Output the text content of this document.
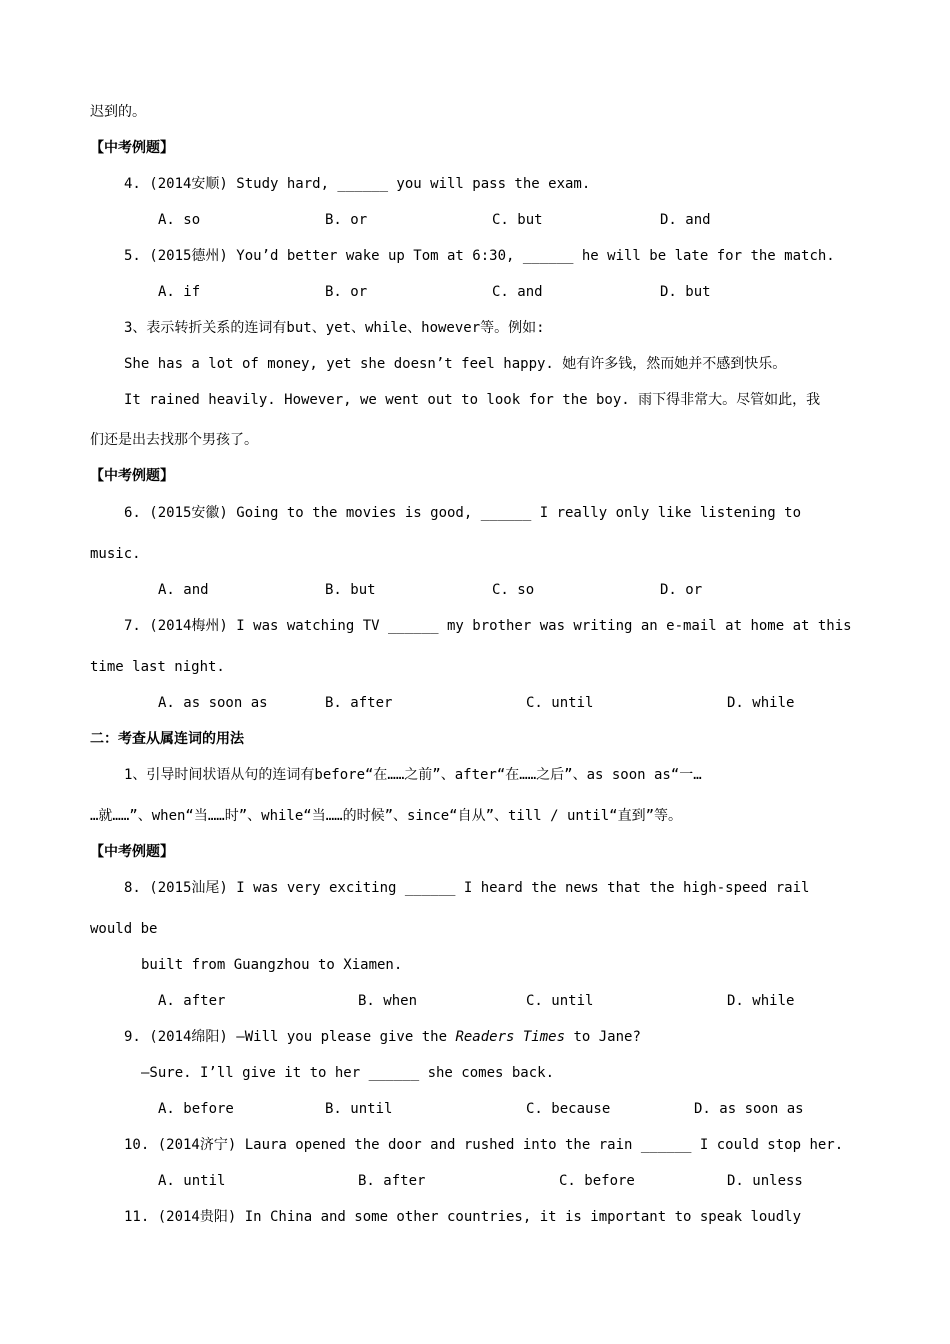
迟到的。
【中考例题】
4. (2014安顺) Study hard, ______ you will pass the exam.
A. so	B. or	C. but	D. and
5. (2015德州) You’d better wake up Tom at 6:30, ______ he will be late for the match.
A. if	B. or	C. and	D. but
3、表示转折关系的连词有but、yet、while、however等。例如:
She has a lot of money, yet she doesn’t feel happy. 她有许多钱，然而她并不感到快乐。
It rained heavily. However, we went out to look for the boy. 雨下得非常大。尽管如此，我
们还是出去找那个男孩了。
【中考例题】
6. (2015安徽) Going to the movies is good, ______ I really only like listening to
music.
A. and	B. but	C. so	D. or
7. (2014梅州) I was watching TV ______ my brother was writing an e-mail at home at this
time last night.
A. as soon as	B. after	C. until	D. while
二：考查从属连词的用法
1、引导时间状语从句的连词有before“在……之前”、after“在……之后”、as soon as“一…
…就……”、when“当……时”、while“当……的时候”、since“自从”、till / until“直到”等。
【中考例题】
8. (2015汕尾) I was very exciting ______ I heard the news that the high-speed rail
would be
built from Guangzhou to Xiamen.
A. after	B. when	C. until	D. while
9. (2014绵阳) —Will you please give the Readers Times to Jane?
—Sure. I’ll give it to her ______ she comes back.
A. before	B. until	C. because	D. as soon as
10. (2014济宁) Laura opened the door and rushed into the rain ______ I could stop her.
A. until	B. after	C. before	D. unless
11. (2014贵阳) In China and some other countries, it is important to speak loudly
